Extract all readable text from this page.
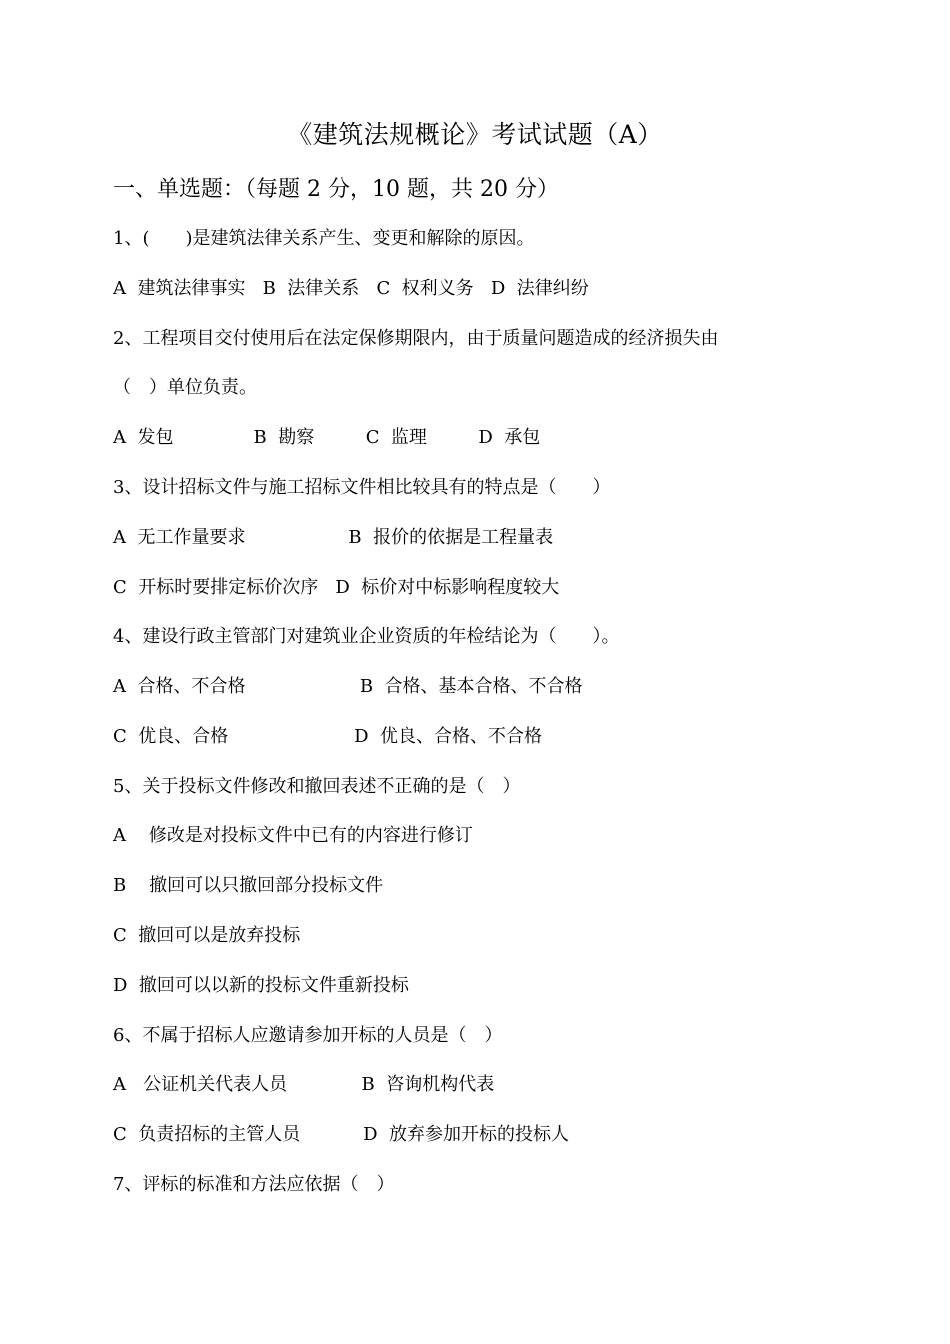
《建筑法规概论》考试试题（A）
一、单选题：（每题 2 分，10 题，共 20 分）
1、(　　)是建筑法律关系产生、变更和解除的原因。
A  建筑法律事实   B  法律关系   C  权利义务   D  法律纠纷
2、工程项目交付使用后在法定保修期限内，由于质量问题造成的经济损失由
（　）单位负责。
A  发包              B  勘察         C  监理         D  承包
3、设计招标文件与施工招标文件相比较具有的特点是（　　）
A  无工作量要求                  B  报价的依据是工程量表
C  开标时要排定标价次序   D  标价对中标影响程度较大
4、建设行政主管部门对建筑业企业资质的年检结论为（　　）。
A  合格、不合格                    B  合格、基本合格、不合格
C  优良、合格                      D  优良、合格、不合格
5、关于投标文件修改和撤回表述不正确的是（　）
A    修改是对投标文件中已有的内容进行修订
B    撤回可以只撤回部分投标文件
C  撤回可以是放弃投标
D  撤回可以以新的投标文件重新投标
6、不属于招标人应邀请参加开标的人员是（　）
A   公证机关代表人员             B  咨询机构代表
C  负责招标的主管人员           D  放弃参加开标的投标人
7、评标的标准和方法应依据（　）
